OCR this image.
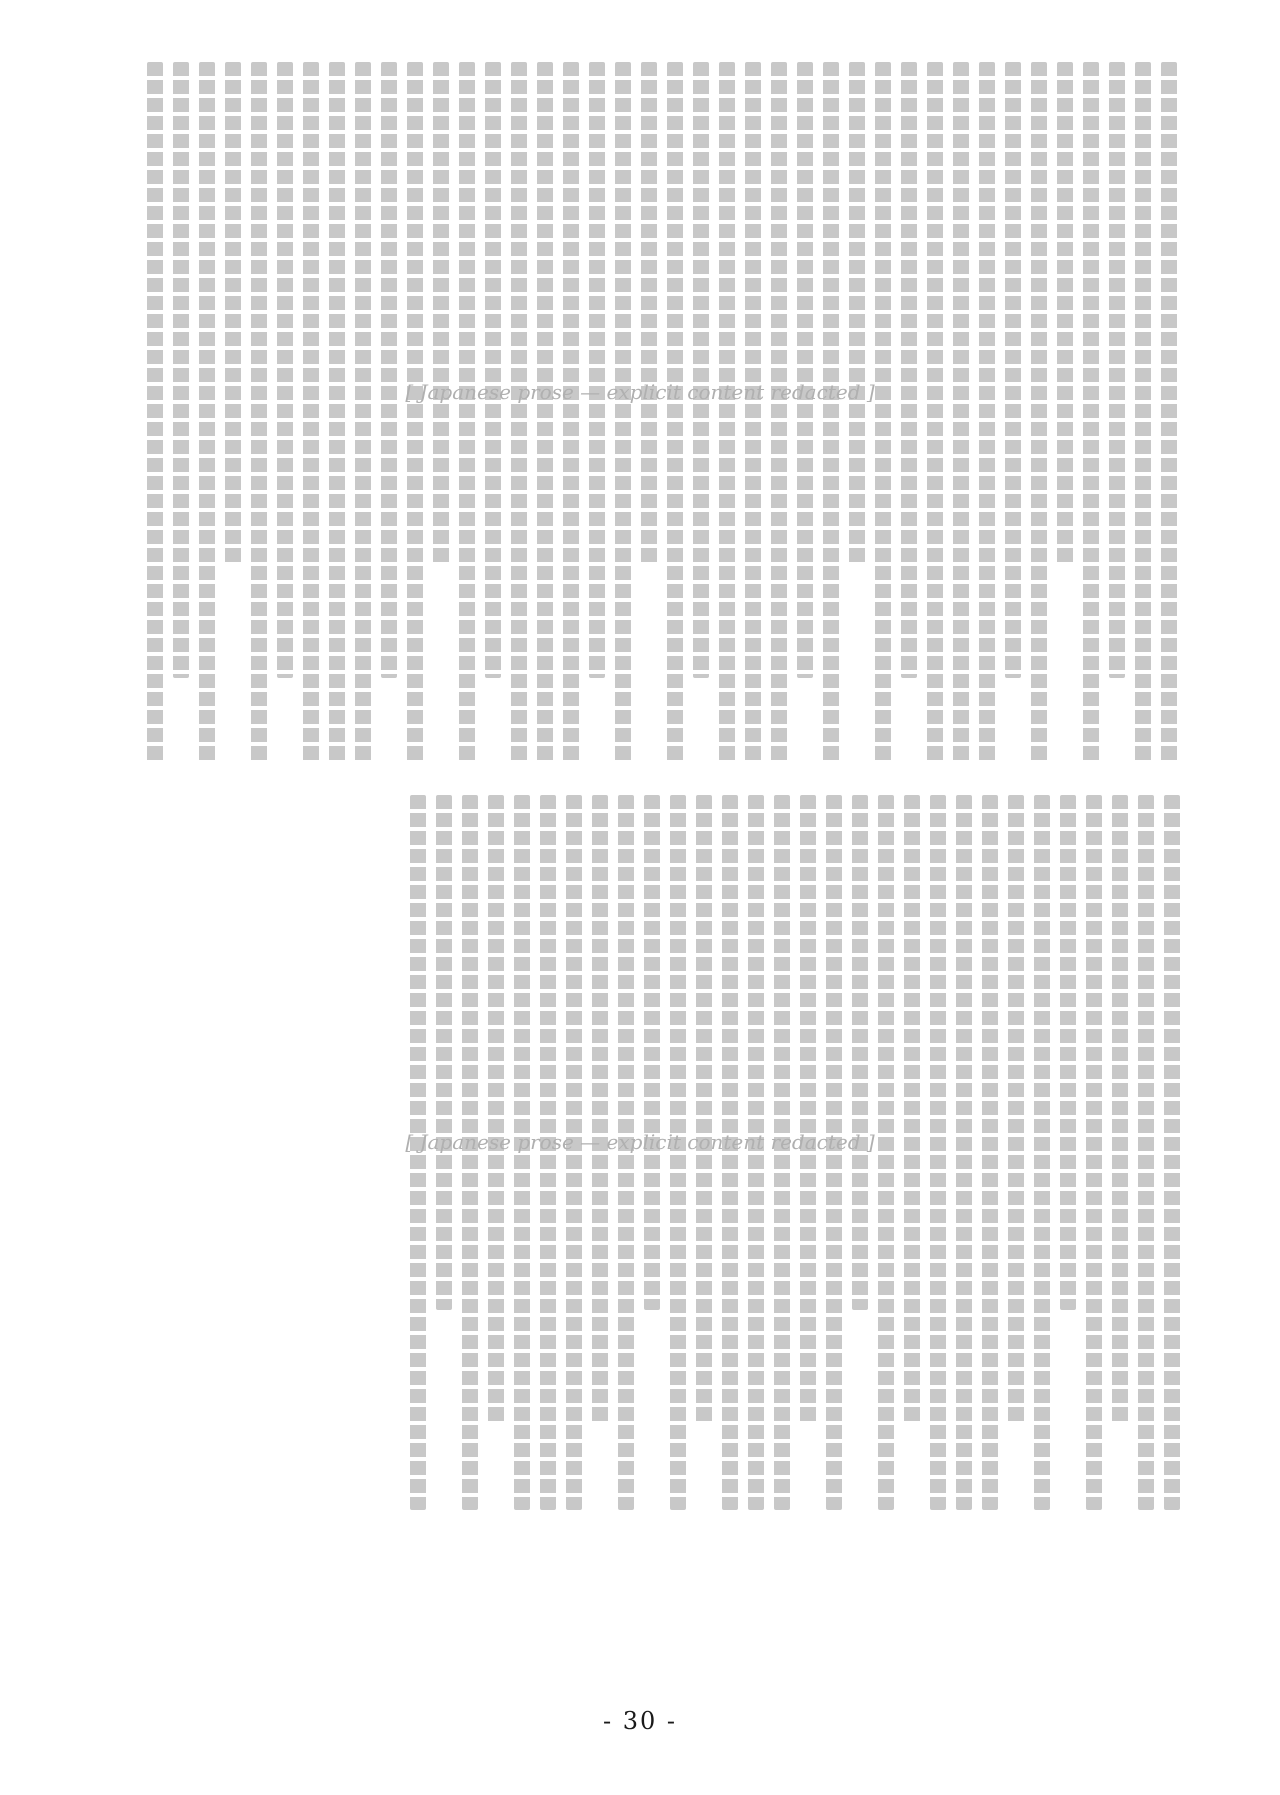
[ Japanese prose — explicit content redacted ]
[ Japanese prose — explicit content redacted ]
- 30 -
